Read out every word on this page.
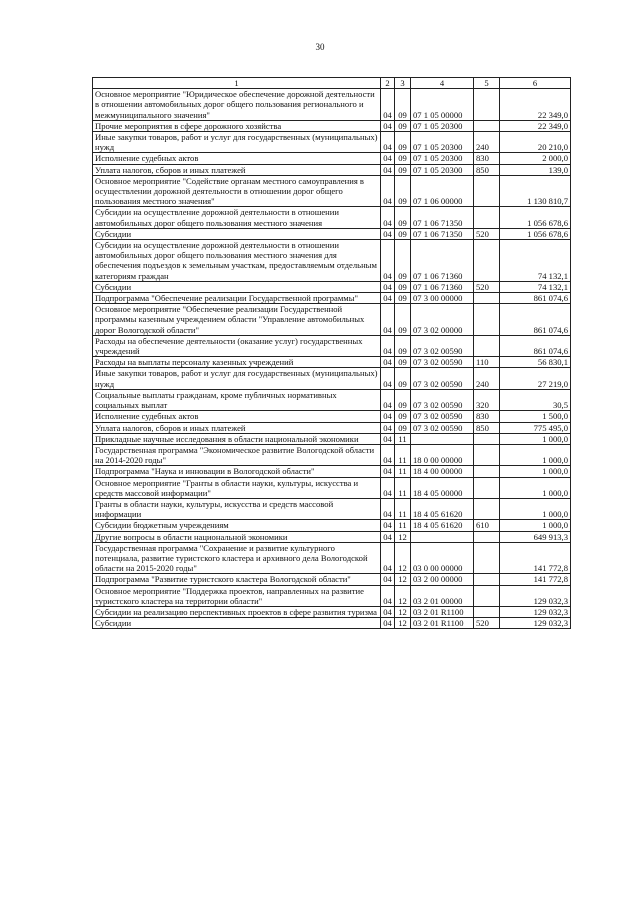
30
1	2	3	4	5	6
Основное мероприятие "Юридическое обеспечение дорожной деятельности в отношении автомобильных дорог общего пользования регионального и межмуниципального значения"	04	09	07 1 05 00000		22 349,0
Прочие мероприятия в сфере дорожного хозяйства	04	09	07 1 05 20300		22 349,0
Иные закупки товаров, работ и услуг для государственных (муниципальных) нужд	04	09	07 1 05 20300	240	20 210,0
Исполнение судебных актов	04	09	07 1 05 20300	830	2 000,0
Уплата налогов, сборов и иных платежей	04	09	07 1 05 20300	850	139,0
Основное мероприятие "Содействие органам местного самоуправления в осуществлении дорожной деятельности в отношении дорог общего пользования местного значения"	04	09	07 1 06 00000		1 130 810,7
Субсидии на осуществление дорожной деятельности в отношении автомобильных дорог общего пользования местного значения	04	09	07 1 06 71350		1 056 678,6
Субсидии	04	09	07 1 06 71350	520	1 056 678,6
Субсидии на осуществление дорожной деятельности в отношении автомобильных дорог общего пользования местного значения для обеспечения подъездов к земельным участкам, предоставляемым отдельным категориям граждан	04	09	07 1 06 71360		74 132,1
Субсидии	04	09	07 1 06 71360	520	74 132,1
Подпрограмма "Обеспечение реализации Государственной программы"	04	09	07 3 00 00000		861 074,6
Основное мероприятие "Обеспечение реализации Государственной программы казенным учреждением области "Управление автомобильных дорог Вологодской области"	04	09	07 3 02 00000		861 074,6
Расходы на обеспечение деятельности (оказание услуг) государственных учреждений	04	09	07 3 02 00590		861 074,6
Расходы на выплаты персоналу казенных учреждений	04	09	07 3 02 00590	110	56 830,1
Иные закупки товаров, работ и услуг для государственных (муниципальных) нужд	04	09	07 3 02 00590	240	27 219,0
Социальные выплаты гражданам, кроме публичных нормативных социальных выплат	04	09	07 3 02 00590	320	30,5
Исполнение судебных актов	04	09	07 3 02 00590	830	1 500,0
Уплата налогов, сборов и иных платежей	04	09	07 3 02 00590	850	775 495,0
Прикладные научные исследования в области национальной экономики	04	11			1 000,0
Государственная программа "Экономическое развитие Вологодской области на 2014-2020 годы"	04	11	18 0 00 00000		1 000,0
Подпрограмма "Наука и инновации в Вологодской области"	04	11	18 4 00 00000		1 000,0
Основное мероприятие "Гранты в области науки, культуры, искусства и средств массовой информации"	04	11	18 4 05 00000		1 000,0
Гранты в области науки, культуры, искусства и средств массовой информации	04	11	18 4 05 61620		1 000,0
Субсидии бюджетным учреждениям	04	11	18 4 05 61620	610	1 000,0
Другие вопросы в области национальной экономики	04	12			649 913,3
Государственная программа "Сохранение и развитие культурного потенциала, развитие туристского кластера и архивного дела Вологодской области на 2015-2020 годы"	04	12	03 0 00 00000		141 772,8
Подпрограмма "Развитие туристского кластера Вологодской области"	04	12	03 2 00 00000		141 772,8
Основное мероприятие "Поддержка проектов, направленных на развитие туристского кластера на территории области"	04	12	03 2 01 00000		129 032,3
Субсидии на реализацию перспективных проектов в сфере развития туризма	04	12	03 2 01 R1100		129 032,3
Субсидии	04	12	03 2 01 R1100	520	129 032,3
